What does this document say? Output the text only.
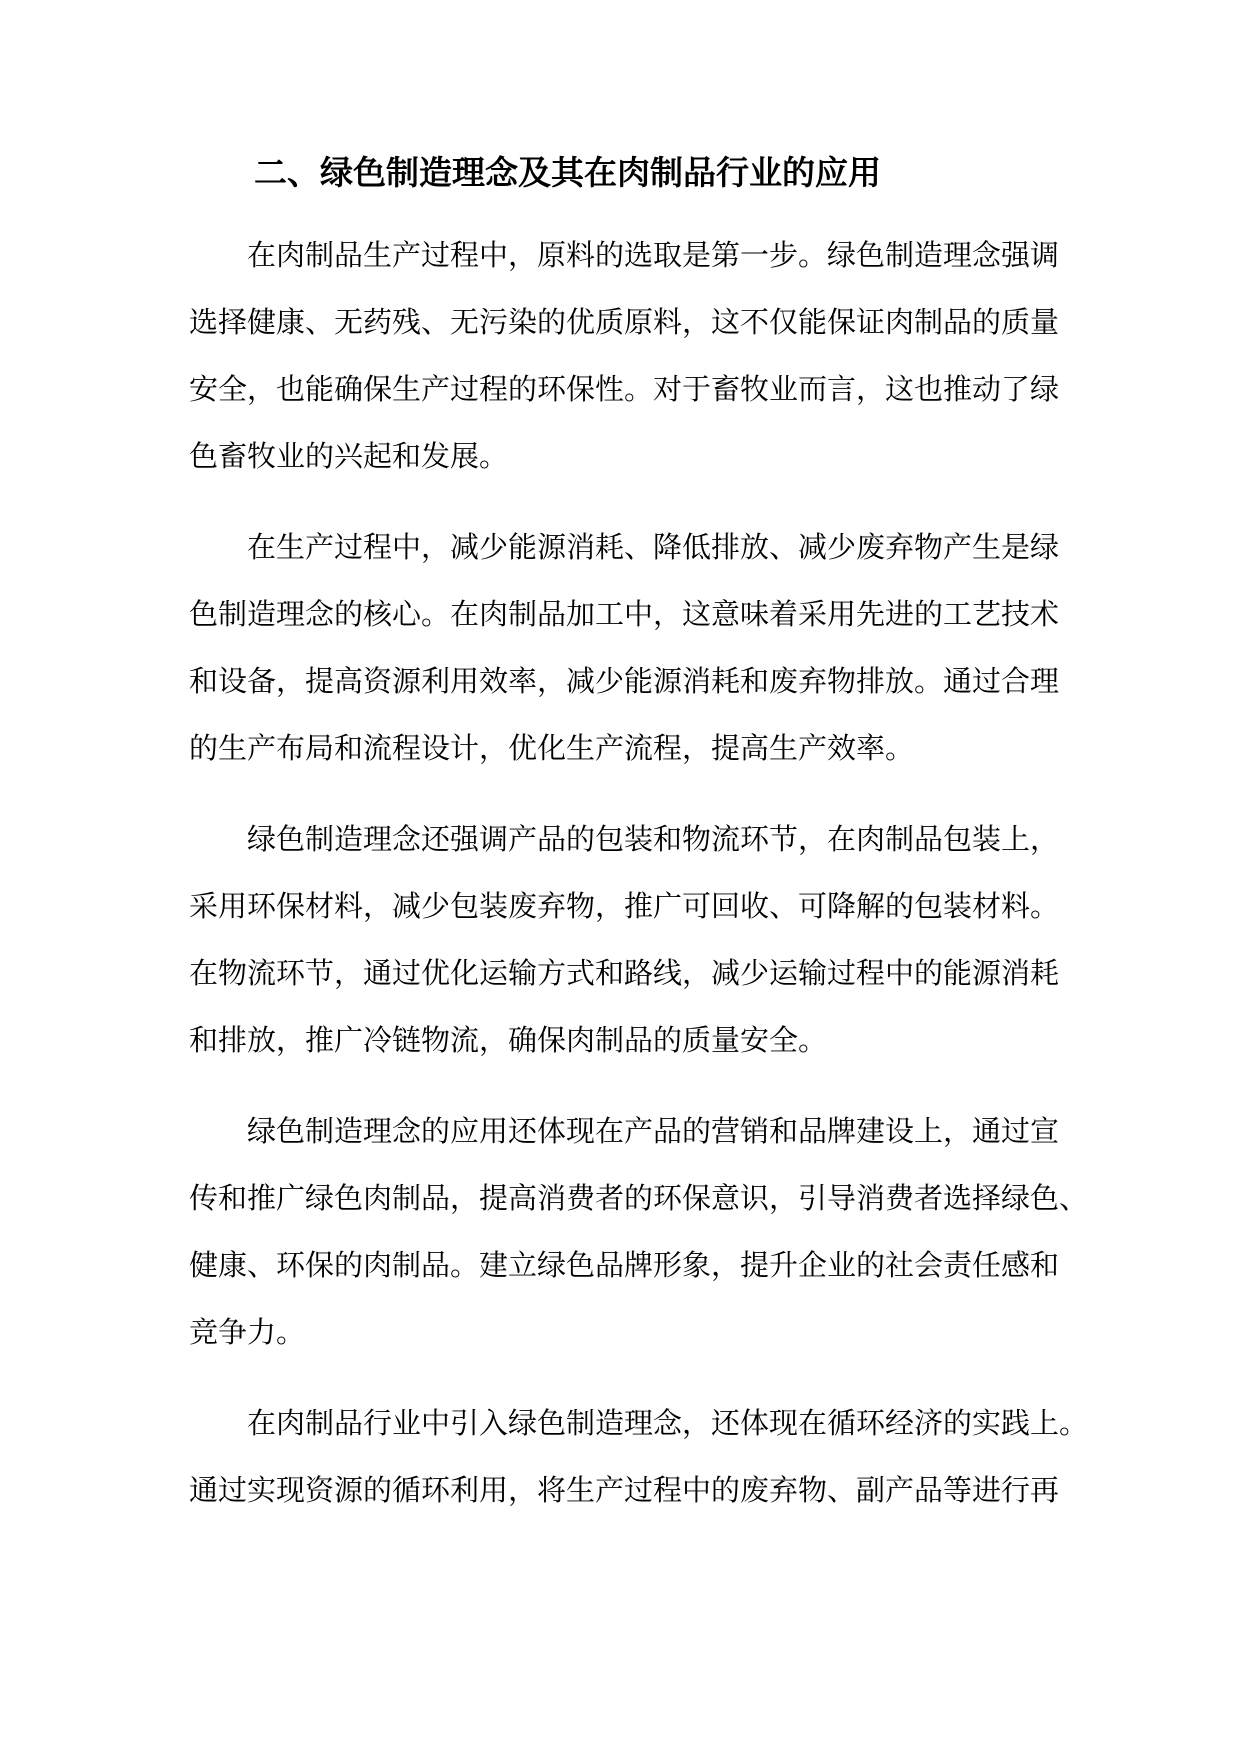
二、绿色制造理念及其在肉制品行业的应用

在肉制品生产过程中，原料的选取是第一步。绿色制造理念强调

选择健康、无药残、无污染的优质原料，这不仅能保证肉制品的质量

安全，也能确保生产过程的环保性。对于畜牧业而言，这也推动了绿

色畜牧业的兴起和发展。

在生产过程中，减少能源消耗、降低排放、减少废弃物产生是绿

色制造理念的核心。在肉制品加工中，这意味着采用先进的工艺技术

和设备，提高资源利用效率，减少能源消耗和废弃物排放。通过合理

的生产布局和流程设计，优化生产流程，提高生产效率。

绿色制造理念还强调产品的包装和物流环节，在肉制品包装上，

采用环保材料，减少包装废弃物，推广可回收、可降解的包装材料。

在物流环节，通过优化运输方式和路线，减少运输过程中的能源消耗

和排放，推广冷链物流，确保肉制品的质量安全。

绿色制造理念的应用还体现在产品的营销和品牌建设上，通过宣

传和推广绿色肉制品，提高消费者的环保意识，引导消费者选择绿色、

健康、环保的肉制品。建立绿色品牌形象，提升企业的社会责任感和

竞争力。

在肉制品行业中引入绿色制造理念，还体现在循环经济的实践上。

通过实现资源的循环利用，将生产过程中的废弃物、副产品等进行再
